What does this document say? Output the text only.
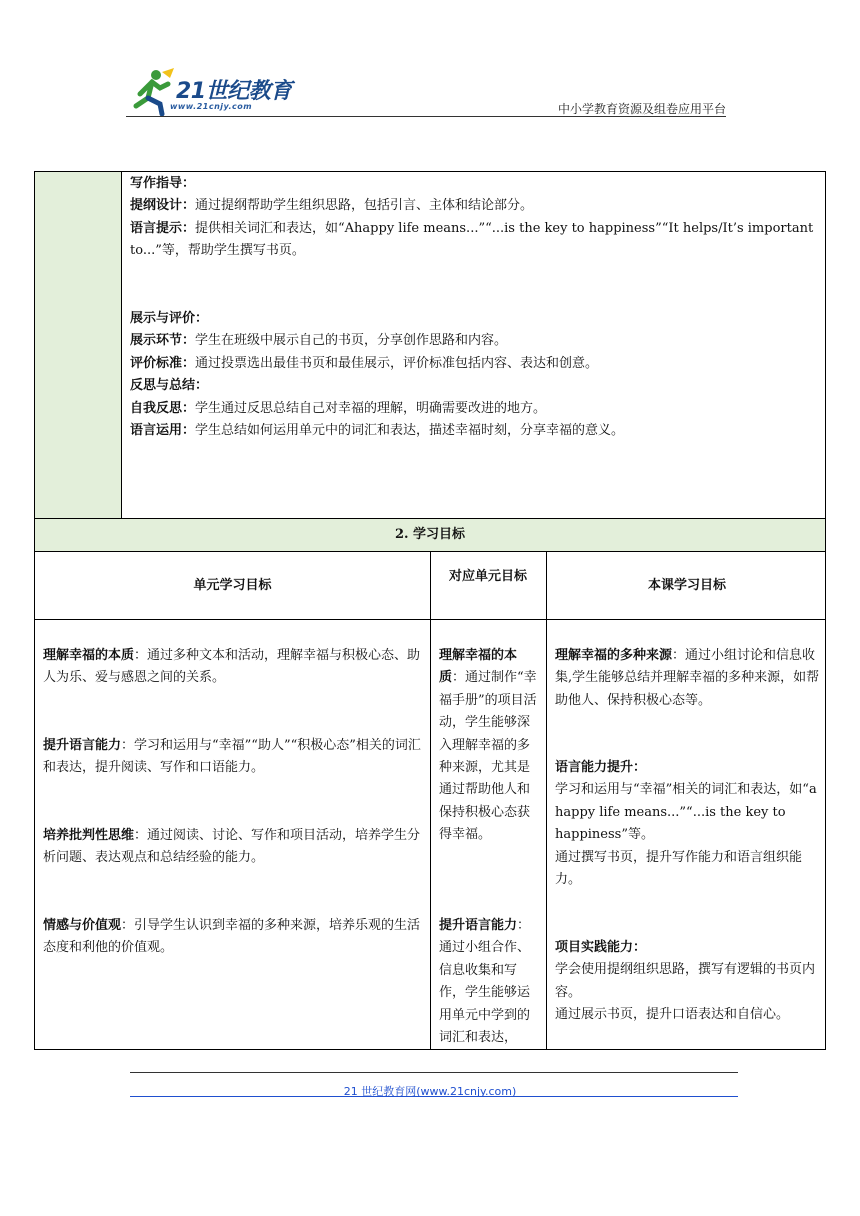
21世纪教育
www.21cnjy.com	中小学教育资源及组卷应用平台
写作指导：
提纲设计：通过提纲帮助学生组织思路，包括引言、主体和结论部分。
语言提示：提供相关词汇和表达，如“Ahappy life means...”“...is the key to happiness”“It helps/It’s important to...”等，帮助学生撰写书页。
展示与评价：
展示环节：学生在班级中展示自己的书页，分享创作思路和内容。
评价标准：通过投票选出最佳书页和最佳展示，评价标准包括内容、表达和创意。
反思与总结：
自我反思：学生通过反思总结自己对幸福的理解，明确需要改进的地方。
语言运用：学生总结如何运用单元中的词汇和表达，描述幸福时刻，分享幸福的意义。
2. 学习目标
单元学习目标
对应单元目标
本课学习目标
理解幸福的本质：通过多种文本和活动，理解幸福与积极心态、助人为乐、爱与感恩之间的关系。
提升语言能力：学习和运用与“幸福”“助人”“积极心态”相关的词汇和表达，提升阅读、写作和口语能力。
培养批判性思维：通过阅读、讨论、写作和项目活动，培养学生分析问题、表达观点和总结经验的能力。
情感与价值观：引导学生认识到幸福的多种来源，培养乐观的生活态度和利他的价值观。
理解幸福的本质：通过制作“幸福手册”的项目活动，学生能够深入理解幸福的多种来源，尤其是通过帮助他人和保持积极心态获得幸福。
提升语言能力：通过小组合作、信息收集和写作，学生能够运用单元中学到的词汇和表达，
理解幸福的多种来源：通过小组讨论和信息收集,学生能够总结并理解幸福的多种来源，如帮助他人、保持积极心态等。
语言能力提升：
学习和运用与“幸福”相关的词汇和表达，如“a happy life means...”“...is the key to happiness”等。
通过撰写书页，提升写作能力和语言组织能力。
项目实践能力：
学会使用提纲组织思路，撰写有逻辑的书页内容。
通过展示书页，提升口语表达和自信心。
21 世纪教育网(www.21cnjy.com)
